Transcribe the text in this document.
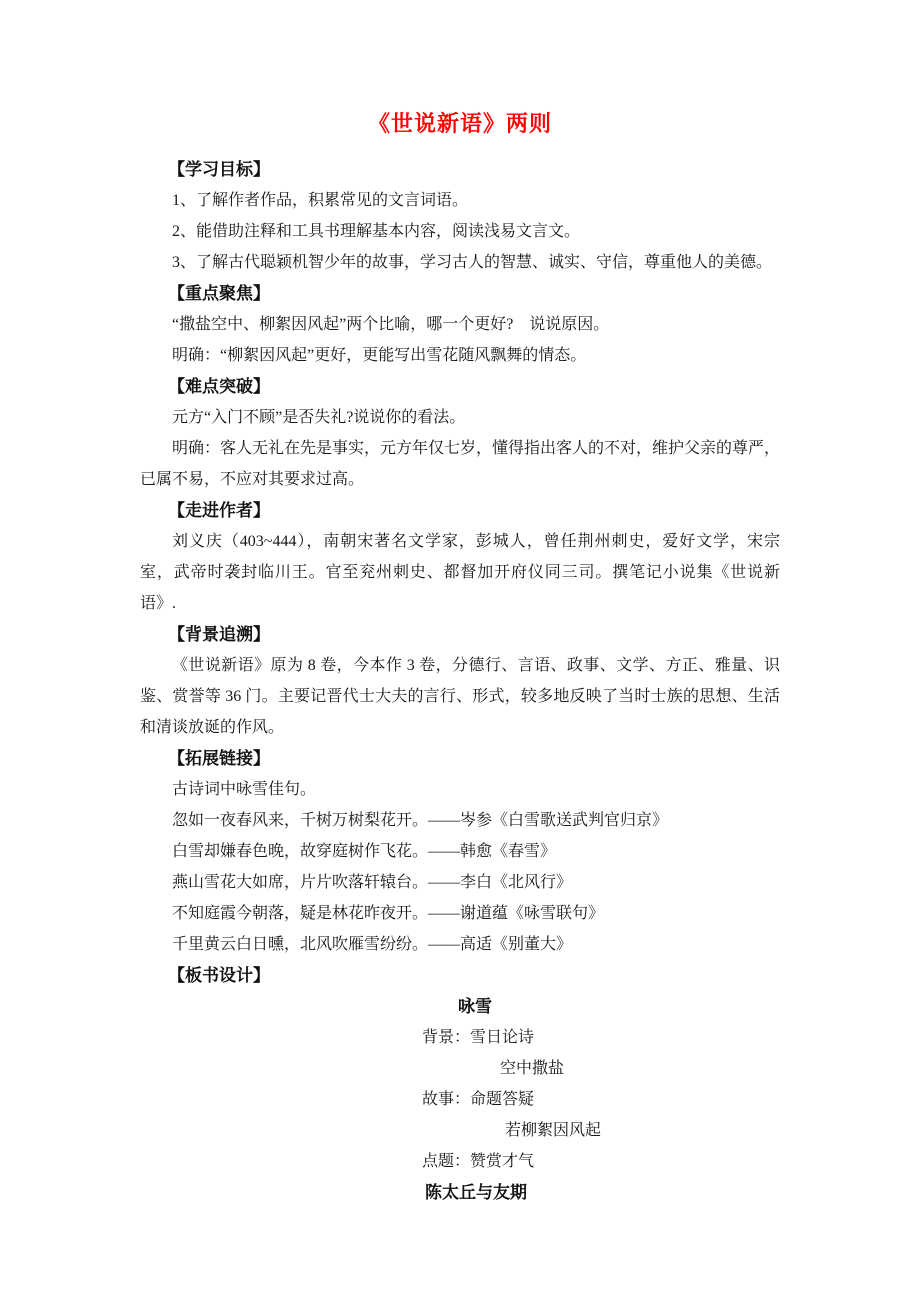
《世说新语》两则
【学习目标】

1、了解作者作品，积累常见的文言词语。

2、能借助注释和工具书理解基本内容，阅读浅易文言文。

3、了解古代聪颖机智少年的故事，学习古人的智慧、诚实、守信，尊重他人的美德。

【重点聚焦】

“撒盐空中、柳絮因风起”两个比喻，哪一个更好?　说说原因。

明确：“柳絮因风起”更好，更能写出雪花随风飘舞的情态。

【难点突破】

元方“入门不顾”是否失礼?说说你的看法。

明确：客人无礼在先是事实，元方年仅七岁，懂得指出客人的不对，维护父亲的尊严，已属不易，不应对其要求过高。

【走进作者】

刘义庆（403~444），南朝宋著名文学家，彭城人，曾任荆州刺史，爱好文学，宋宗室，武帝时袭封临川王。官至兖州刺史、都督加开府仪同三司。撰笔记小说集《世说新语》.

【背景追溯】

《世说新语》原为 8 卷，今本作 3 卷，分德行、言语、政事、文学、方正、雅量、识鉴、赏誉等 36 门。主要记晋代士大夫的言行、形式，较多地反映了当时士族的思想、生活和清谈放诞的作风。

【拓展链接】

古诗词中咏雪佳句。

忽如一夜春风来，千树万树梨花开。——岑参《白雪歌送武判官归京》

白雪却嫌春色晚，故穿庭树作飞花。——韩愈《春雪》

燕山雪花大如席，片片吹落轩辕台。——李白《北风行》

不知庭霞今朝落，疑是林花昨夜开。——谢道蕴《咏雪联句》

千里黄云白日曛，北风吹雁雪纷纷。——高适《别董大》

【板书设计】
咏雪
背景：雪日论诗
空中撒盐
故事：命题答疑
若柳絮因风起
点题：赞赏才气
陈太丘与友期
